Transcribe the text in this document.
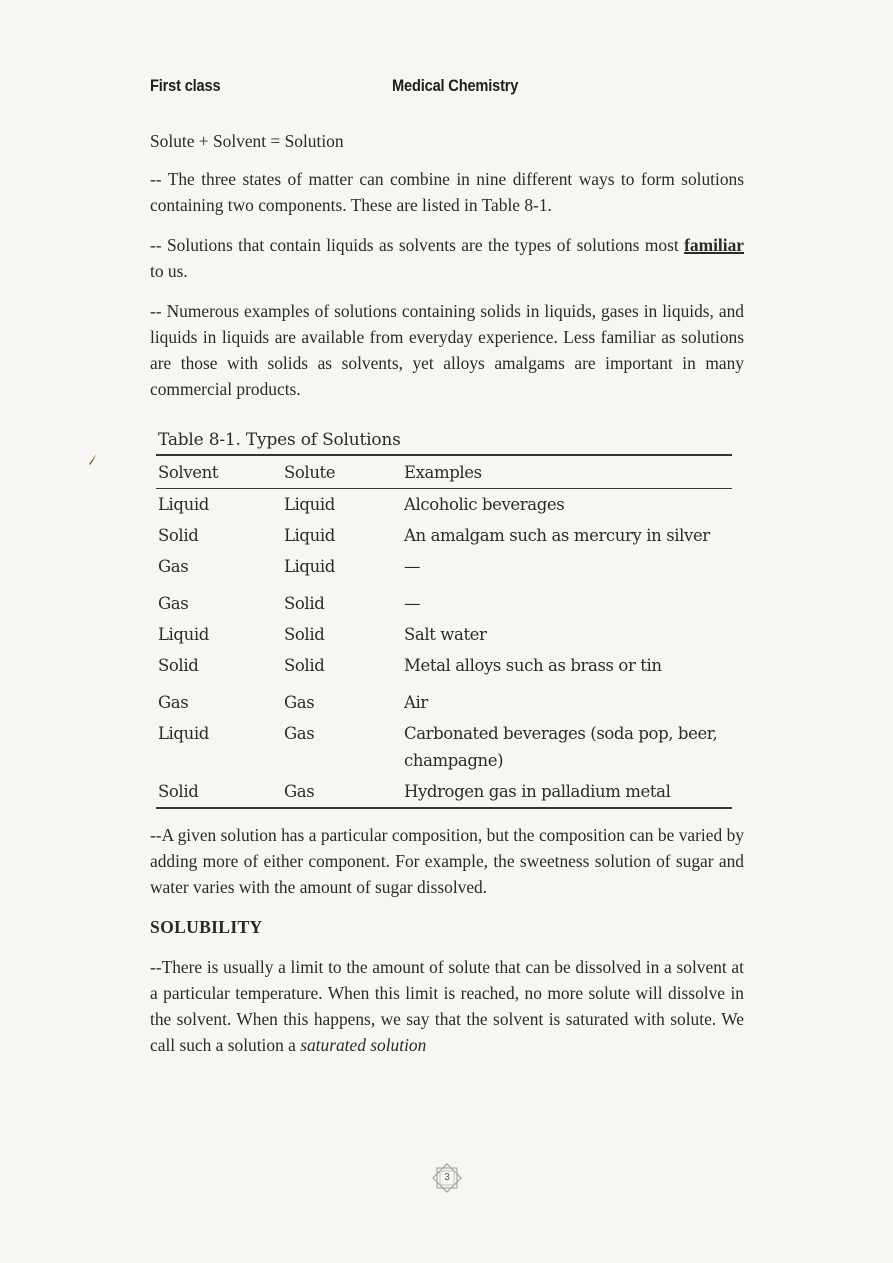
First class	Medical Chemistry

Solute + Solvent = Solution

-- The three states of matter can combine in nine different ways to form solutions containing two components. These are listed in Table 8-1.

-- Solutions that contain liquids as solvents are the types of solutions most familiar to us.

-- Numerous examples of solutions containing solids in liquids, gases in liquids, and liquids in liquids are available from everyday experience. Less familiar as solutions are those with solids as solvents, yet alloys amalgams are important in many commercial products.

Table 8-1. Types of Solutions
Solvent	Solute	Examples
Liquid	Liquid	Alcoholic beverages
Solid	Liquid	An amalgam such as mercury in silver
Gas	Liquid	—
Gas	Solid	—
Liquid	Solid	Salt water
Solid	Solid	Metal alloys such as brass or tin
Gas	Gas	Air
Liquid	Gas	Carbonated beverages (soda pop, beer, champagne)
Solid	Gas	Hydrogen gas in palladium metal

--A given solution has a particular composition, but the composition can be varied by adding more of either component. For example, the sweetness solution of sugar and water varies with the amount of sugar dissolved.

SOLUBILITY

--There is usually a limit to the amount of solute that can be dissolved in a solvent at a particular temperature. When this limit is reached, no more solute will dissolve in the solvent. When this happens, we say that the solvent is saturated with solute. We call such a solution a saturated solution

3
